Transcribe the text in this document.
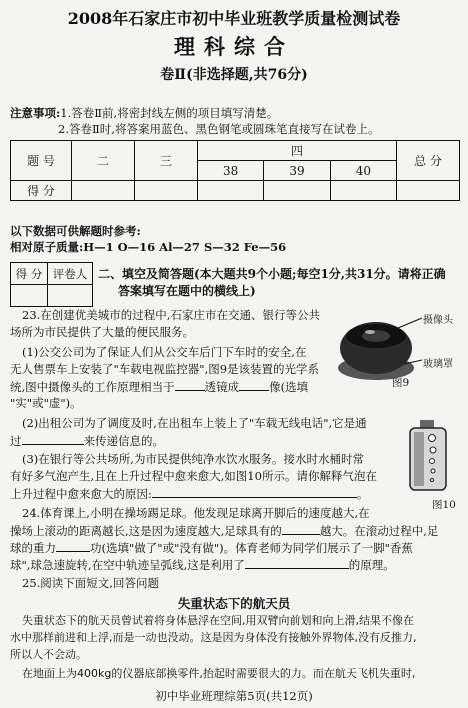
2008年石家庄市初中毕业班教学质量检测试卷
理科综合
卷Ⅱ(非选择题,共76分)
注意事项:1.答卷Ⅱ前,将密封线左侧的项目填写清楚。
2.答卷Ⅱ时,将答案用蓝色、黑色钢笔或圆珠笔直接写在试卷上。
题 号	二	三	四			总 分
			38	39	40	
得 分						
以下数据可供解题时参考:
相对原子质量:H—1 O—16 Al—27 S—32 Fe—56
得 分	评卷人
	二、填空及简答题(本大题共9个小题;每空1分,共31分。请将正确
答案填写在题中的横线上)
23.在创建优美城市的过程中,石家庄市在交通、银行等公共
场所为市民提供了大量的便民服务。
(1)公交公司为了保证人们从公交车后门下车时的安全,在
无人售票车上安装了"车载电视监控器",图9是该装置的光学系
统,图中摄像头的工作原理相当于	透镜成	像(选填
"实"或"虚")。
摄像头
玻璃罩
图9
(2)出租公司为了调度及时,在出租车上装上了"车载无线电话",它是通
过	来传递信息的。
(3)在银行等公共场所,为市民提供纯净水饮水服务。接水时水桶时常
有好多气泡产生,且在上升过程中愈来愈大,如图10所示。请你解释气泡在
上升过程中愈来愈大的原因:	。
图10
24.体育课上,小明在操场踢足球。他发现足球离开脚后的速度越大,在
操场上滚动的距离越长,这是因为速度越大,足球具有的	越大。在滚动过程中,足
球的重力	功(选填"做了"或"没有做")。体育老师为同学们展示了一脚"香蕉
球",球急速旋转,在空中轨迹呈弧线,这是利用了	的原理。
25.阅读下面短文,回答问题
失重状态下的航天员
失重状态下的航天员曾试着将身体悬浮在空间,用双臂向前划和向上滑,结果不像在
水中那样前进和上浮,而是一动也没动。这是因为身体没有接触外界物体,没有反推力,
所以人不会动。
在地面上为400kg的仪器底部换零件,抬起时需要很大的力。而在航天飞机失重时,
初中毕业班理综第5页(共12页)
